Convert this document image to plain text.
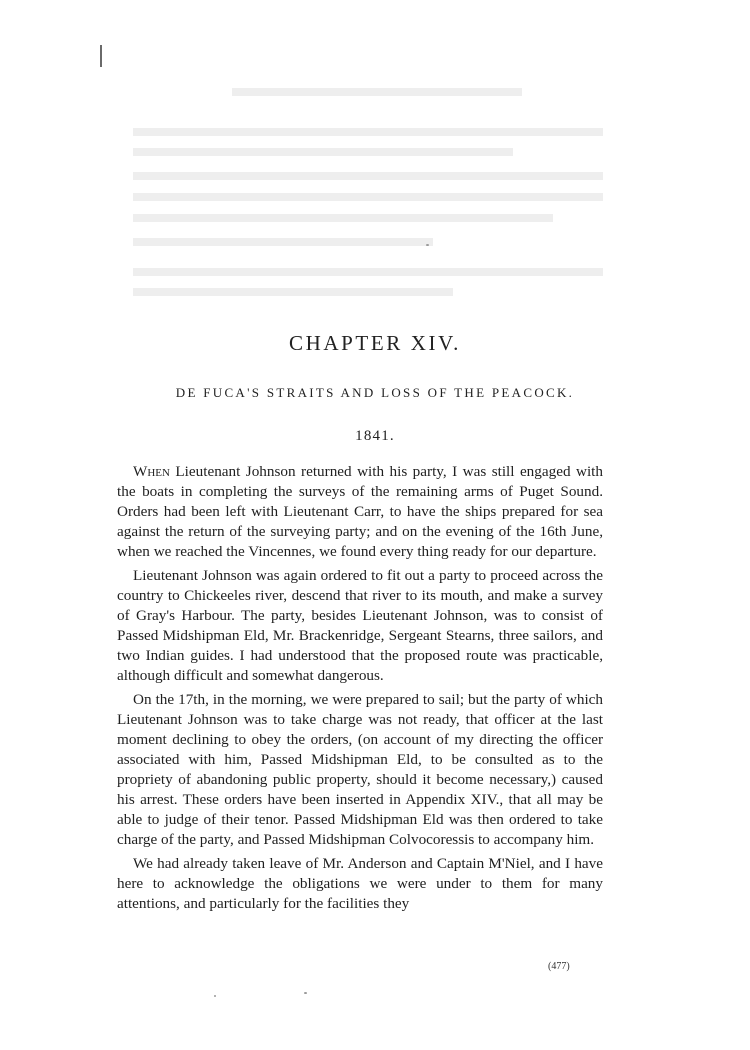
CHAPTER XIV.
DE FUCA'S STRAITS AND LOSS OF THE PEACOCK.
1841.

When Lieutenant Johnson returned with his party, I was still engaged with the boats in completing the surveys of the remaining arms of Puget Sound. Orders had been left with Lieutenant Carr, to have the ships prepared for sea against the return of the surveying party; and on the evening of the 16th June, when we reached the Vincennes, we found every thing ready for our departure.

Lieutenant Johnson was again ordered to fit out a party to proceed across the country to Chickeeles river, descend that river to its mouth, and make a survey of Gray's Harbour. The party, besides Lieutenant Johnson, was to consist of Passed Midshipman Eld, Mr. Brackenridge, Sergeant Stearns, three sailors, and two Indian guides. I had understood that the proposed route was practicable, although difficult and somewhat dangerous.

On the 17th, in the morning, we were prepared to sail; but the party of which Lieutenant Johnson was to take charge was not ready, that officer at the last moment declining to obey the orders, (on account of my directing the officer associated with him, Passed Midshipman Eld, to be consulted as to the propriety of abandoning public property, should it become necessary,) caused his arrest. These orders have been inserted in Appendix XIV., that all may be able to judge of their tenor. Passed Midshipman Eld was then ordered to take charge of the party, and Passed Midshipman Colvocoressis to accompany him.

We had already taken leave of Mr. Anderson and Captain M'Niel, and I have here to acknowledge the obligations we were under to them for many attentions, and particularly for the facilities they

(477)
